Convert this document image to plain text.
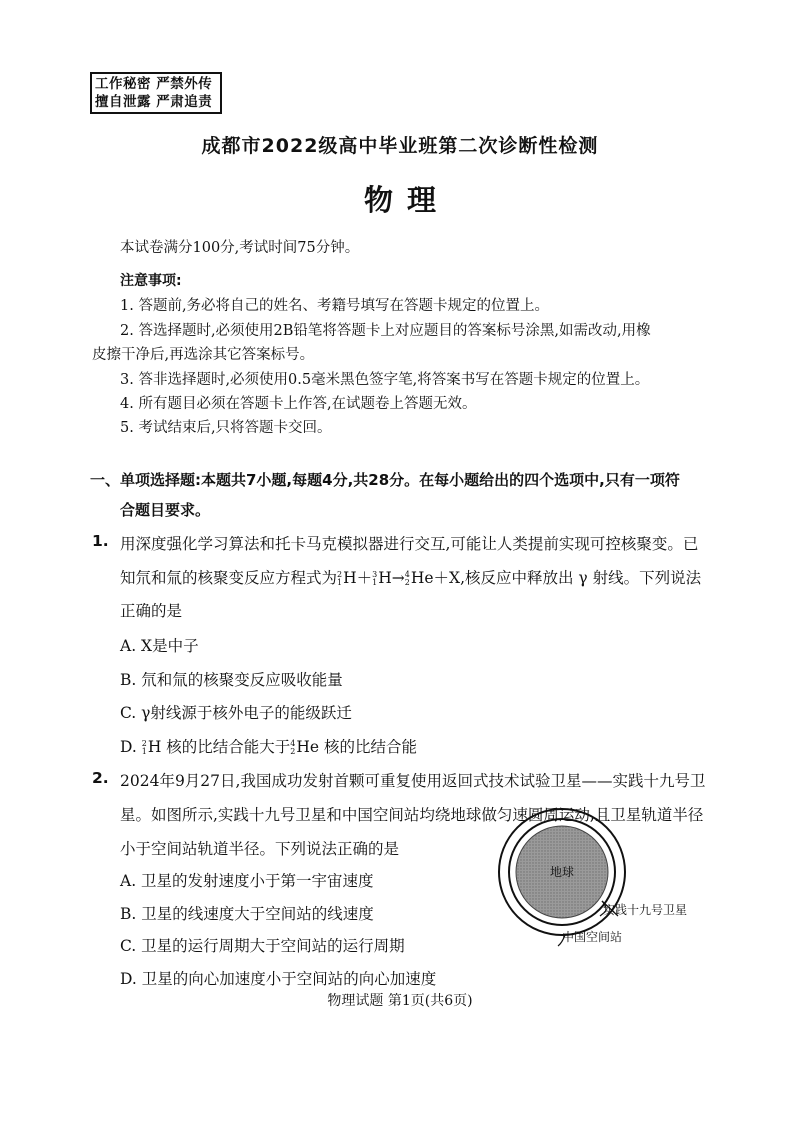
工作秘密 严禁外传
擅自泄露 严肃追责
成都市2022级高中毕业班第二次诊断性检测
物理
本试卷满分100分,考试时间75分钟。
注意事项:
1. 答题前,务必将自己的姓名、考籍号填写在答题卡规定的位置上。
2. 答选择题时,必须使用2B铅笔将答题卡上对应题目的答案标号涂黑,如需改动,用橡
皮擦干净后,再选涂其它答案标号。
3. 答非选择题时,必须使用0.5毫米黑色签字笔,将答案书写在答题卡规定的位置上。
4. 所有题目必须在答题卡上作答,在试题卷上答题无效。
5. 考试结束后,只将答题卡交回。
一、单项选择题:本题共7小题,每题4分,共28分。在每小题给出的四个选项中,只有一项符
合题目要求。
1. 用深度强化学习算法和托卡马克模拟器进行交互,可能让人类提前实现可控核聚变。已
知氘和氚的核聚变反应方程式为 2
1 H＋ 3
1 H→ 4
2 He＋X,核反应中释放出 γ 射线。下列说法
正确的是
A. X是中子
B. 氘和氚的核聚变反应吸收能量
C. γ射线源于核外电子的能级跃迁
D. 2
1 H 核的比结合能大于 4
2 He 核的比结合能
2. 2024年9月27日,我国成功发射首颗可重复使用返回式技术试验卫星——实践十九号卫
星。如图所示,实践十九号卫星和中国空间站均绕地球做匀速圆周运动,且卫星轨道半径
小于空间站轨道半径。下列说法正确的是
A. 卫星的发射速度小于第一宇宙速度
B. 卫星的线速度大于空间站的线速度
C. 卫星的运行周期大于空间站的运行周期
D. 卫星的向心加速度小于空间站的向心加速度
地球
实践十九号卫星
中国空间站
物理试题 第1页(共6页)
